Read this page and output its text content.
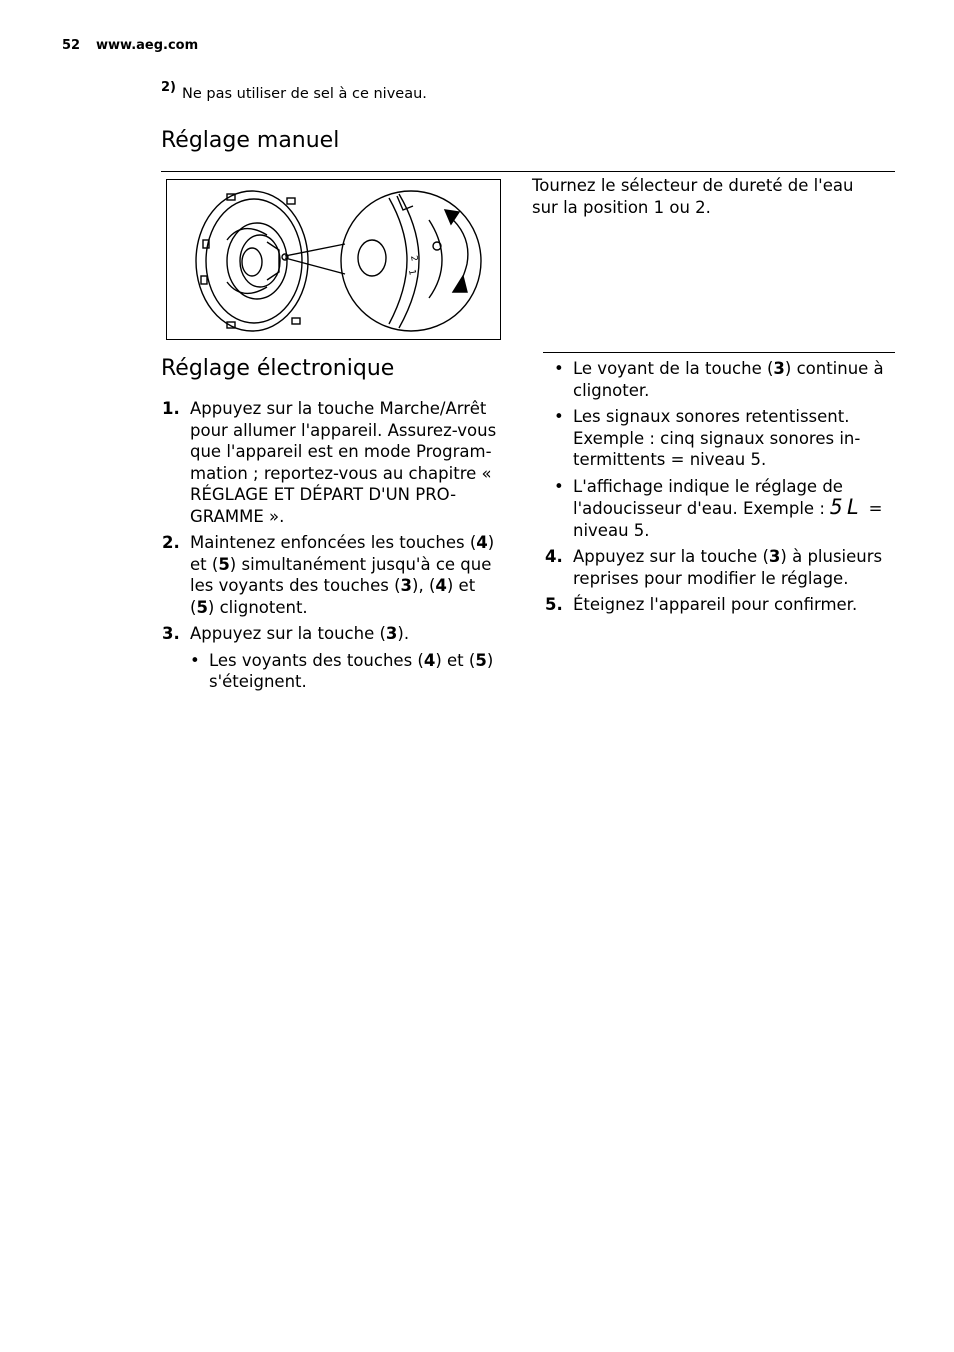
52 www.aeg.com
2) Ne pas utiliser de sel à ce niveau.
Réglage manuel
2
1
Tournez le sélecteur de dureté de l'eau sur la position 1 ou 2.
Réglage électronique
1. Appuyez sur la touche Marche/Arrêt pour allumer l'appareil. Assurez-vous que l'appareil est en mode Program-mation ; reportez-vous au chapitre « RÉGLAGE ET DÉPART D'UN PRO-GRAMME ».
2. Maintenez enfoncées les touches (4) et (5) simultanément jusqu'à ce que les voyants des touches (3), (4) et (5) clignotent.
3. Appuyez sur la touche (3).
• Les voyants des touches (4) et (5) s'éteignent.
• Le voyant de la touche (3) continue à clignoter.
• Les signaux sonores retentissent. Exemple : cinq signaux sonores in-termittents = niveau 5.
• L'affichage indique le réglage de l'adoucisseur d'eau. Exemple : 5L = niveau 5.
4. Appuyez sur la touche (3) à plusieurs reprises pour modifier le réglage.
5. Éteignez l'appareil pour confirmer.
